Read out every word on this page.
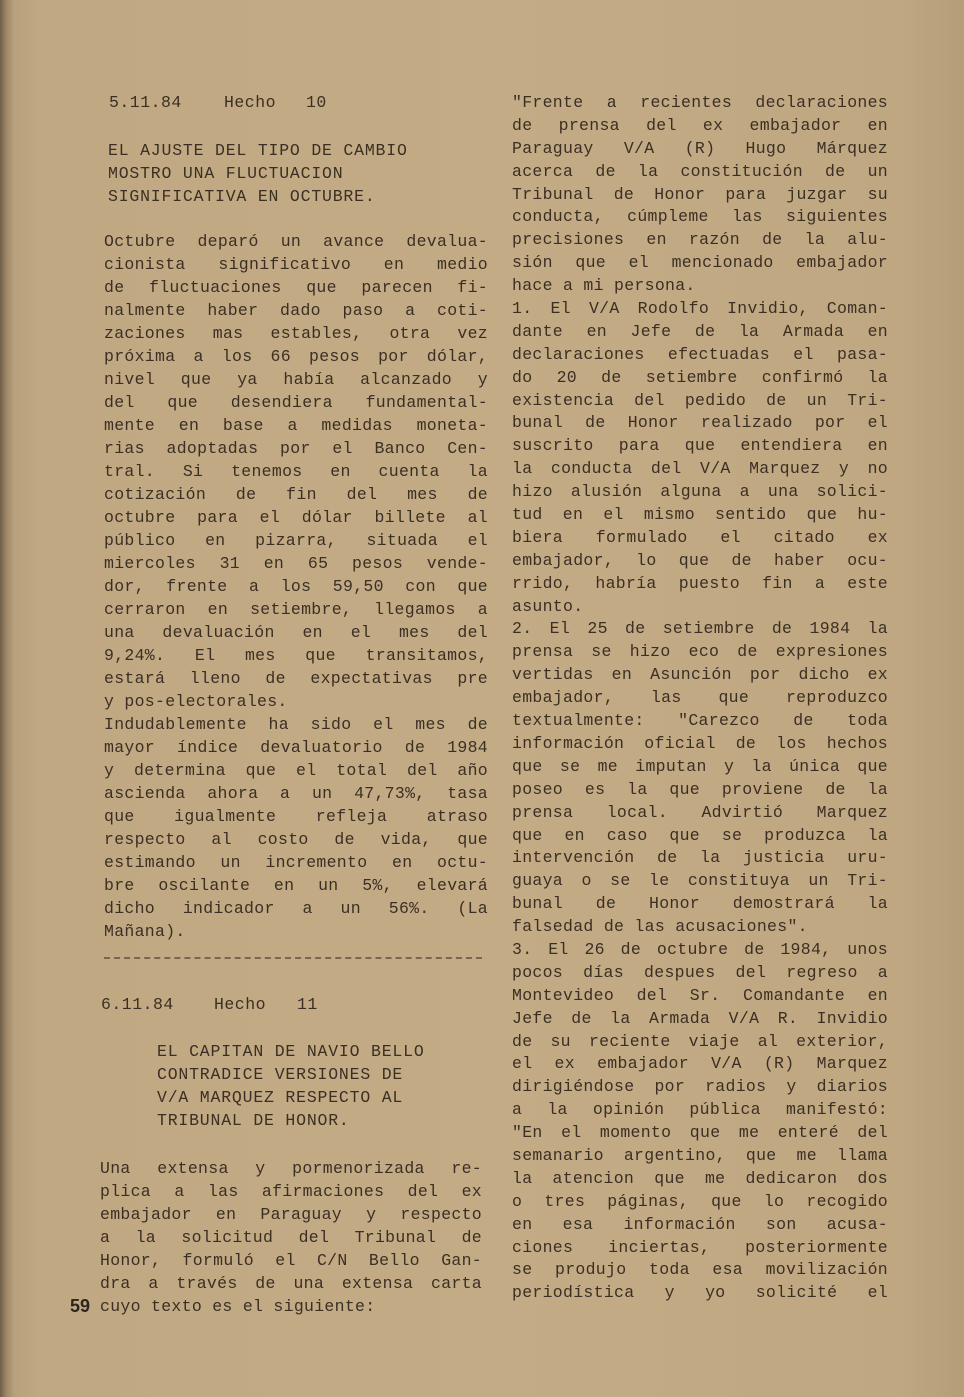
5.11.84	Hecho 10
EL AJUSTE DEL TIPO DE CAMBIO
MOSTRO UNA FLUCTUACION
SIGNIFICATIVA EN OCTUBRE.
Octubre deparó un avance devalua-
cionista significativo en medio
de fluctuaciones que parecen fi-
nalmente haber dado paso a coti-
zaciones mas estables, otra vez
próxima a los 66 pesos por dólar,
nivel que ya había alcanzado y
del que desendiera fundamental-
mente en base a medidas moneta-
rias adoptadas por el Banco Cen-
tral. Si tenemos en cuenta la
cotización de fin del mes de
octubre para el dólar billete al
público en pizarra, situada el
miercoles 31 en 65 pesos vende-
dor, frente a los 59,50 con que
cerraron en setiembre, llegamos a
una devaluación en el mes del
9,24%. El mes que transitamos,
estará lleno de expectativas pre
y pos-electorales.
Indudablemente ha sido el mes de
mayor índice devaluatorio de 1984
y determina que el total del año
ascienda ahora a un 47,73%, tasa
que igualmente refleja atraso
respecto al costo de vida, que
estimando un incremento en octu-
bre oscilante en un 5%, elevará
dicho indicador a un 56%. (La
Mañana).
6.11.84 Hecho 11
EL CAPITAN DE NAVIO BELLO
CONTRADICE VERSIONES DE
V/A MARQUEZ RESPECTO AL
TRIBUNAL DE HONOR.
Una extensa y pormenorizada re-
plica a las afirmaciones del ex
embajador en Paraguay y respecto
a la solicitud del Tribunal de
Honor, formuló el C/N Bello Gan-
dra a través de una extensa carta
cuyo texto es el siguiente:
"Frente a recientes declaraciones
de prensa del ex embajador en
Paraguay V/A (R) Hugo Márquez
acerca de la constitución de un
Tribunal de Honor para juzgar su
conducta, cúmpleme las siguientes
precisiones en razón de la alu-
sión que el mencionado embajador
hace a mi persona.
1. El V/A Rodolfo Invidio, Coman-
dante en Jefe de la Armada en
declaraciones efectuadas el pasa-
do 20 de setiembre confirmó la
existencia del pedido de un Tri-
bunal de Honor realizado por el
suscrito para que entendiera en
la conducta del V/A Marquez y no
hizo alusión alguna a una solici-
tud en el mismo sentido que hu-
biera formulado el citado ex
embajador, lo que de haber ocu-
rrido, habría puesto fin a este
asunto.
2. El 25 de setiembre de 1984 la
prensa se hizo eco de expresiones
vertidas en Asunción por dicho ex
embajador, las que reproduzco
textualmente: "Carezco de toda
información oficial de los hechos
que se me imputan y la única que
poseo es la que proviene de la
prensa local. Advirtió Marquez
que en caso que se produzca la
intervención de la justicia uru-
guaya o se le constituya un Tri-
bunal de Honor demostrará la
falsedad de las acusaciones".
3. El 26 de octubre de 1984, unos
pocos días despues del regreso a
Montevideo del Sr. Comandante en
Jefe de la Armada V/A R. Invidio
de su reciente viaje al exterior,
el ex embajador V/A (R) Marquez
dirigiéndose por radios y diarios
a la opinión pública manifestó:
"En el momento que me enteré del
semanario argentino, que me llama
la atencion que me dedicaron dos
o tres páginas, que lo recogido
en esa información son acusa-
ciones inciertas, posteriormente
se produjo toda esa movilización
periodística y yo solicité el
59
